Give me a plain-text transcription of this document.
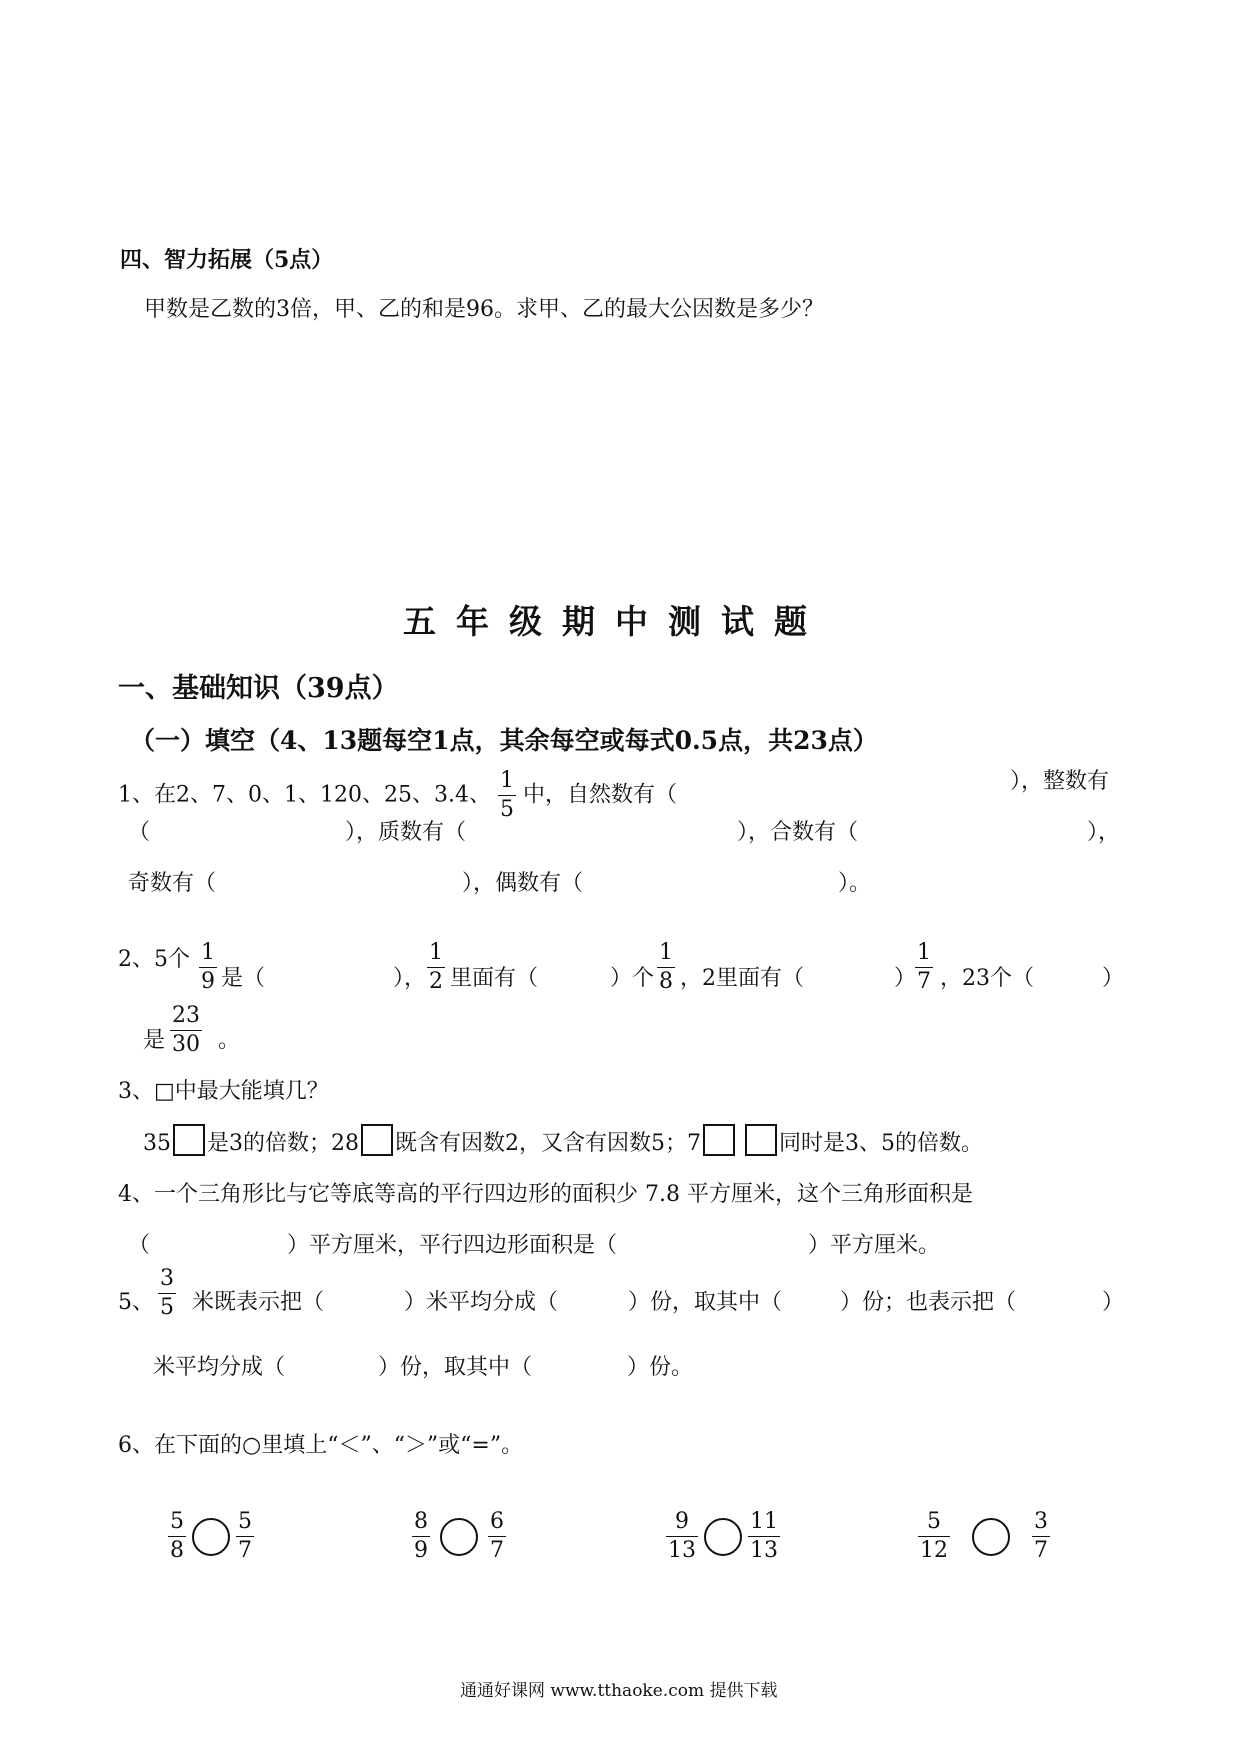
四、智力拓展（5点）
甲数是乙数的3倍，甲、乙的和是96。求甲、乙的最大公因数是多少？
五年级期中测试题
一、基础知识（39点）
（一）填空（4、13题每空1点，其余每空或每式0.5点，共23点）
1、在2、7、0、1、120、25、3.4、 $\frac{1}{5}$ 中，自然数有（
），整数有
（	），质数有（	），合数有（	），
奇数有（	），偶数有（	）。
2、5个 $\frac{1}{9}$ 是（	）， $\frac{1}{2}$ 里面有（	）个 $\frac{1}{8}$ ，2里面有（	）
$\frac{1}{7}$ ，23个（	）
是 $\frac{23}{30}$ 。
3、□中最大能填几？
35 是3的倍数；28 既含有因数2，又含有因数5；7	同时是3、5的倍数。
4、一个三角形比与它等底等高的平行四边形的面积少 7.8 平方厘米，这个三角形面积是
（	）平方厘米，平行四边形面积是（	）平方厘米。
5、 $\frac{3}{5}$ 米既表示把（	）米平均分成（	）份，取其中（	）份；也表示把（	）
米平均分成（	）份，取其中（	）份。
6、在下面的○里填上“＜”、“＞”或“=”。
$\frac{5}{8} \frac{5}{7}$	$\frac{8}{9}$	$\frac{6}{7}$	$\frac{9}{13} \frac{11}{13}$	$\frac{5}{12}$	$\frac{3}{7}$
通通好课网 www.tthaoke.com 提供下载
